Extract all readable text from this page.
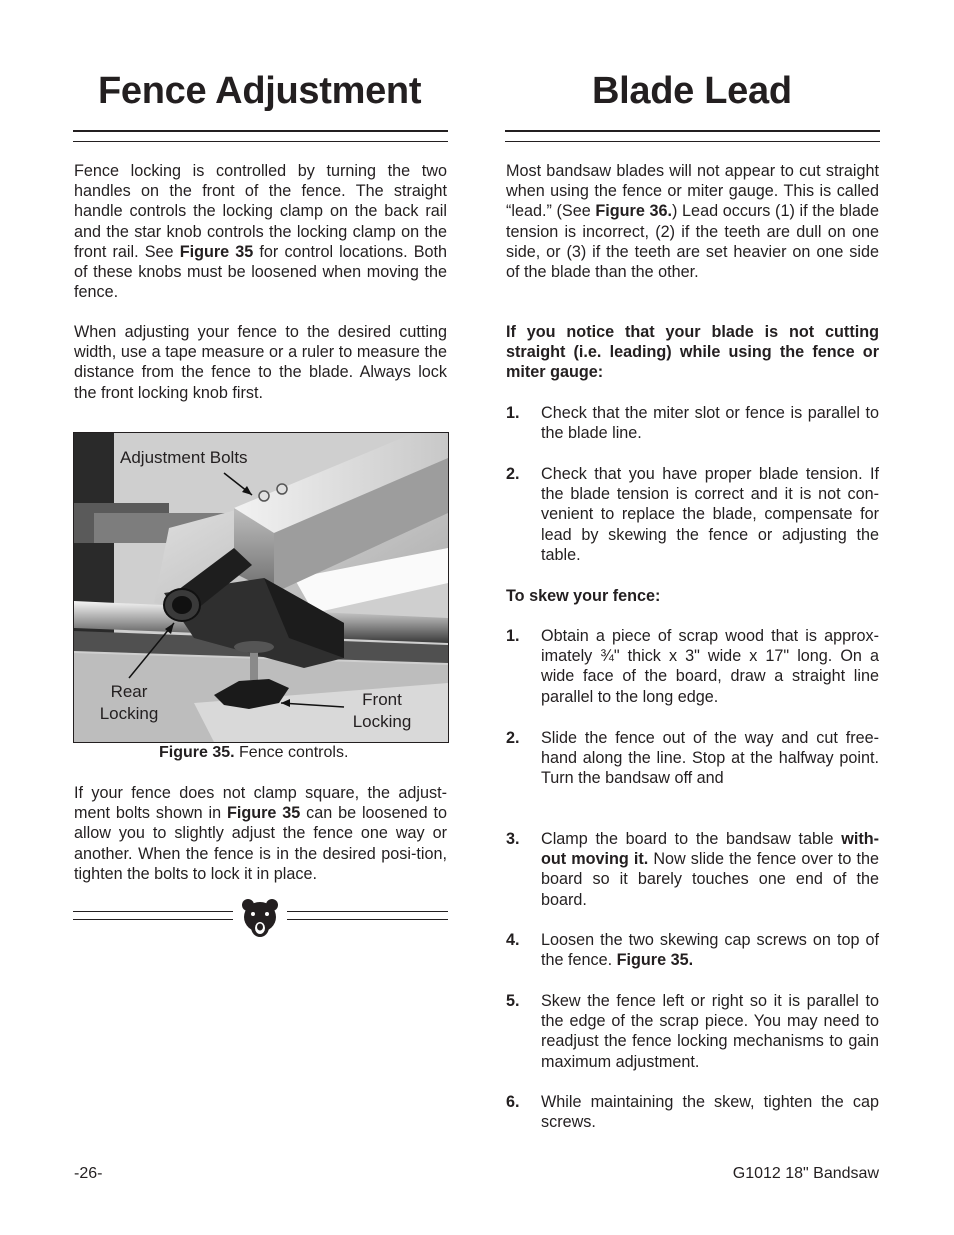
Fence Adjustment
Fence locking is controlled by turning the two handles on the front of the fence. The straight handle controls the locking clamp on the back rail and the star knob controls the locking clamp on the front rail. See Figure 35 for control locations. Both of these knobs must be loosened when moving the fence.
When adjusting your fence to the desired cutting width, use a tape measure or a ruler to measure the distance from the fence to the blade. Always lock the front locking knob first.
Adjustment Bolts
Rear
Locking
Front
Locking
Figure 35. Fence controls.
If your fence does not clamp square, the adjust-ment bolts shown in Figure 35 can be loosened to allow you to slightly adjust the fence one way or another. When the fence is in the desired posi-tion, tighten the bolts to lock it in place.
Blade Lead
Most bandsaw blades will not appear to cut straight when using the fence or miter gauge. This is called “lead.” (See Figure 36.) Lead occurs (1) if the blade tension is incorrect, (2) if the teeth are dull on one side, or (3) if the teeth are set heavier on one side of the blade than the other.
If you notice that your blade is not cutting straight (i.e. leading) while using the fence or miter gauge:
1. Check that the miter slot or fence is parallel to the blade line.
2. Check that you have proper blade tension. If the blade tension is correct and it is not con-venient to replace the blade, compensate for lead by skewing the fence or adjusting the table.
To skew your fence:
1. Obtain a piece of scrap wood that is approx-imately ¾" thick x 3" wide x 17" long. On a wide face of the board, draw a straight line parallel to the long edge.
2. Slide the fence out of the way and cut free-hand along the line. Stop at the halfway point. Turn the bandsaw off and
3. Clamp the board to the bandsaw table with-out moving it. Now slide the fence over to the board so it barely touches one end of the board.
4. Loosen the two skewing cap screws on top of the fence. Figure 35.
5. Skew the fence left or right so it is parallel to the edge of the scrap piece. You may need to readjust the fence locking mechanisms to gain maximum adjustment.
6. While maintaining the skew, tighten the cap screws.
-26-	G1012 18" Bandsaw
